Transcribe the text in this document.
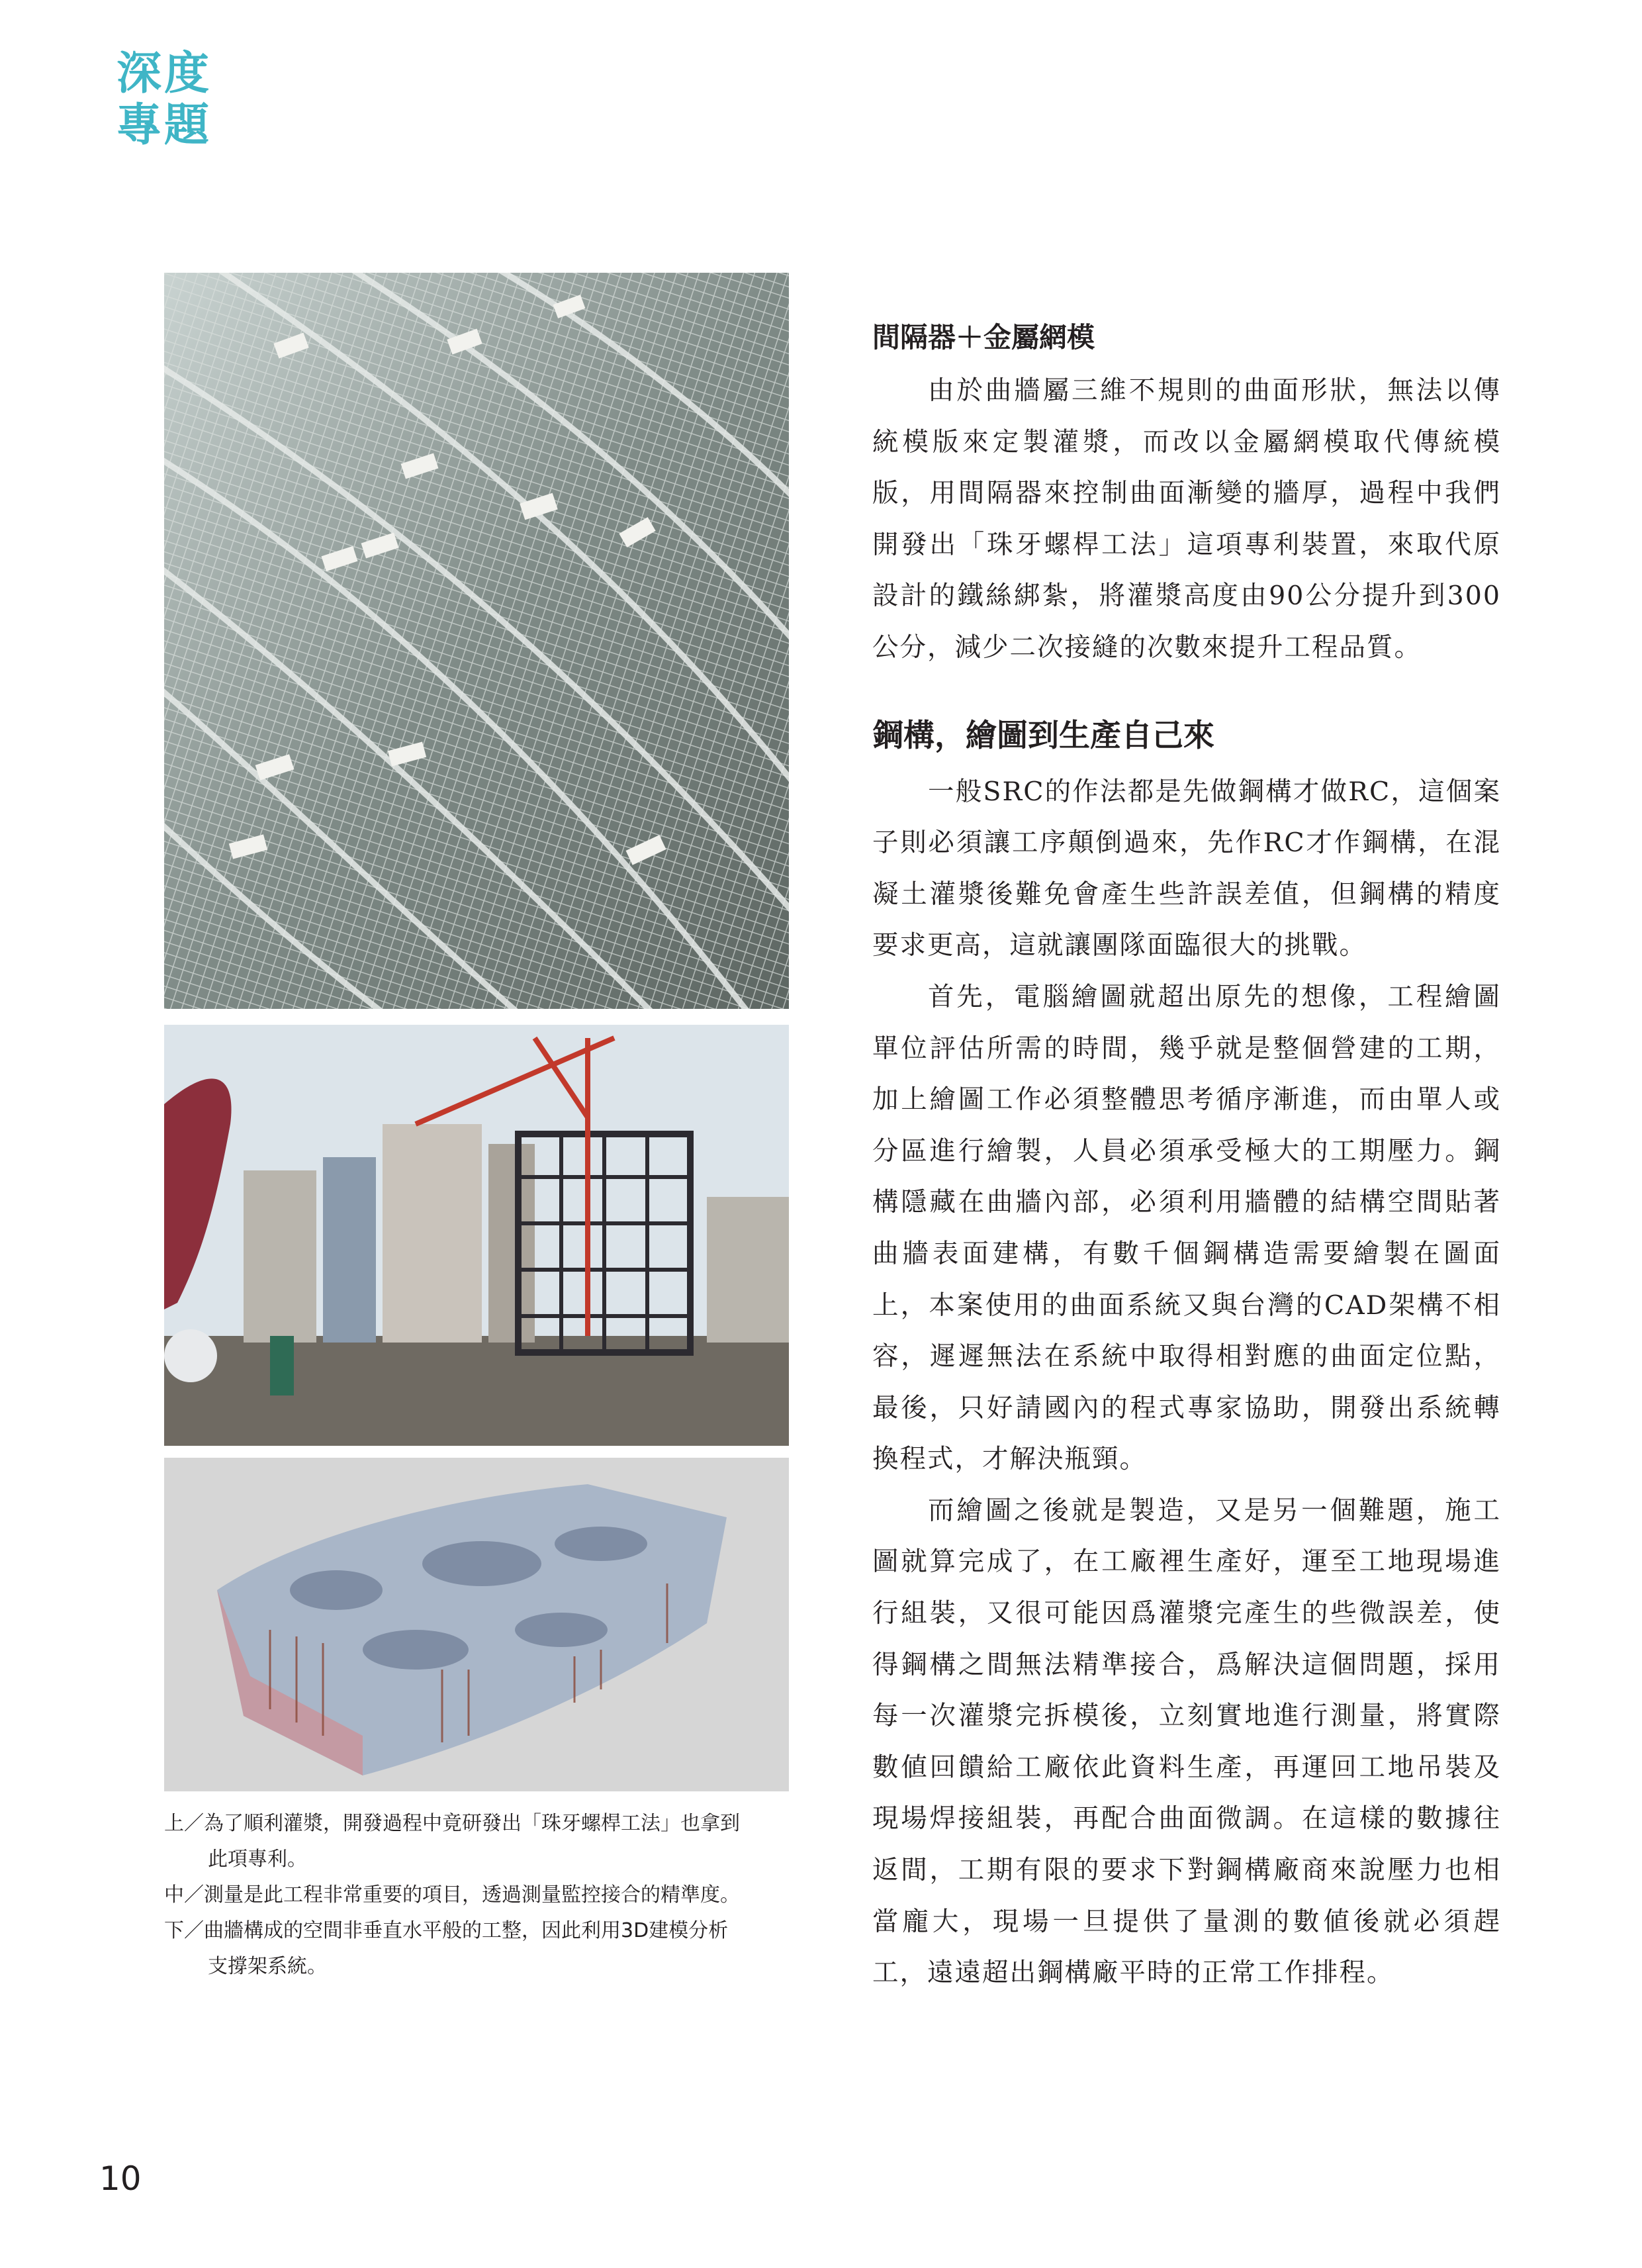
深度
專題

上／為了順利灌漿，開發過程中竟研發出「珠牙螺桿工法」也拿到
此項專利。

中／測量是此工程非常重要的項目，透過測量監控接合的精準度。

下／曲牆構成的空間非垂直水平般的工整，因此利用3D建模分析
支撐架系統。

間隔器＋金屬網模

由於曲牆屬三維不規則的曲面形狀，無法以傳統模版來定製灌漿，而改以金屬網模取代傳統模版，用間隔器來控制曲面漸變的牆厚，過程中我們開發出「珠牙螺桿工法」這項專利裝置，來取代原設計的鐵絲綁紮，將灌漿高度由90公分提升到300公分，減少二次接縫的次數來提升工程品質。

鋼構，繪圖到生產自己來

一般SRC的作法都是先做鋼構才做RC，這個案子則必須讓工序顛倒過來，先作RC才作鋼構，在混凝土灌漿後難免會產生些許誤差值，但鋼構的精度要求更高，這就讓團隊面臨很大的挑戰。

首先，電腦繪圖就超出原先的想像，工程繪圖單位評估所需的時間，幾乎就是整個營建的工期，加上繪圖工作必須整體思考循序漸進，而由單人或分區進行繪製，人員必須承受極大的工期壓力。鋼構隱藏在曲牆內部，必須利用牆體的結構空間貼著曲牆表面建構，有數千個鋼構造需要繪製在圖面上，本案使用的曲面系統又與台灣的CAD架構不相容，遲遲無法在系統中取得相對應的曲面定位點，最後，只好請國內的程式專家協助，開發出系統轉換程式，才解決瓶頸。

而繪圖之後就是製造，又是另一個難題，施工圖就算完成了，在工廠裡生產好，運至工地現場進行組裝，又很可能因爲灌漿完產生的些微誤差，使得鋼構之間無法精準接合，爲解決這個問題，採用每一次灌漿完拆模後，立刻實地進行測量，將實際數値回饋給工廠依此資料生產，再運回工地吊裝及現場焊接組裝，再配合曲面微調。在這樣的數據往返間，工期有限的要求下對鋼構廠商來說壓力也相當龐大，現場一旦提供了量測的數値後就必須趕工，遠遠超出鋼構廠平時的正常工作排程。

10
